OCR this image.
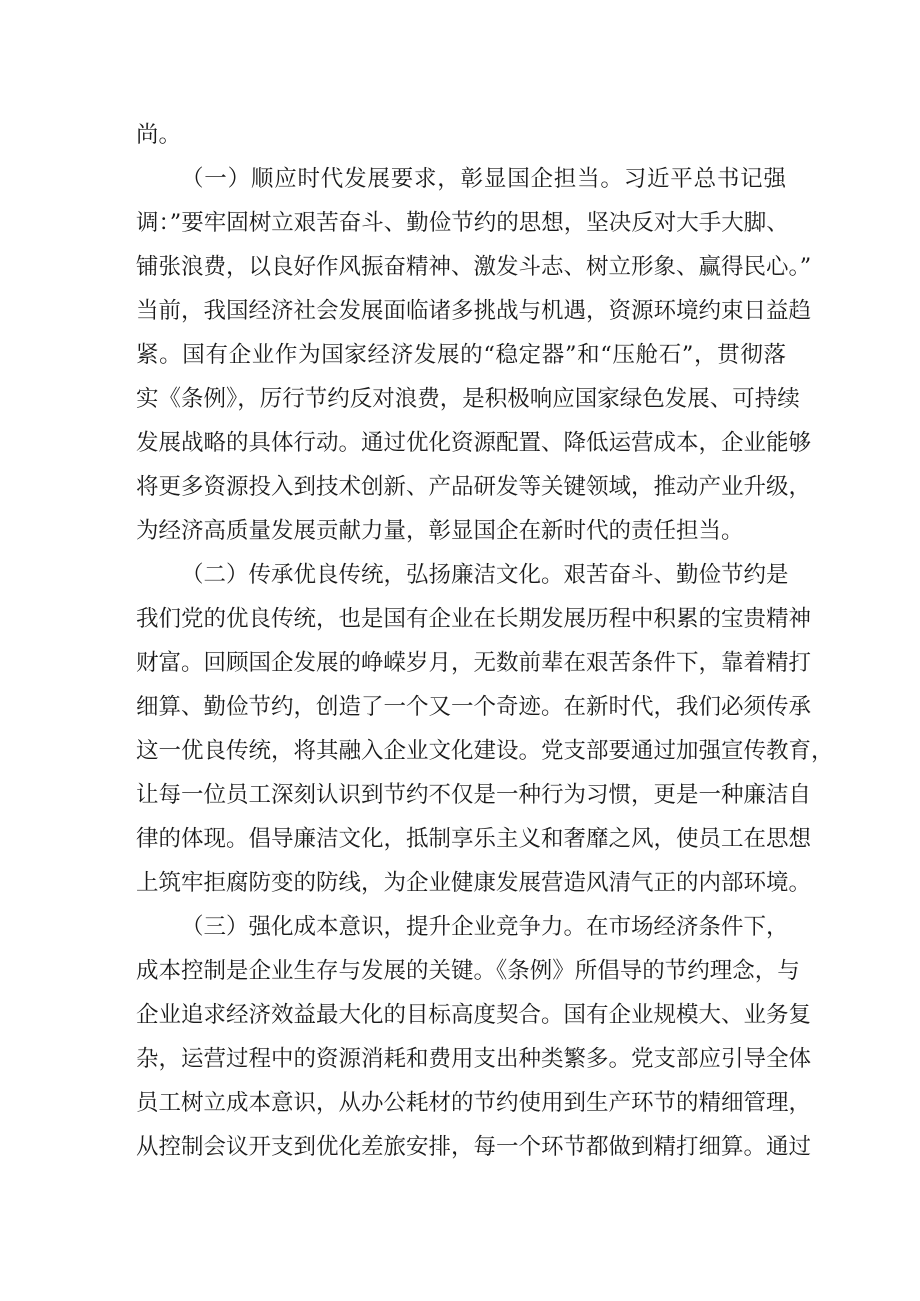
尚。
（一）顺应时代发展要求，彰显国企担当。习近平总书记强
调：”要牢固树立艰苦奋斗、勤俭节约的思想，坚决反对大手大脚、
铺张浪费，以良好作风振奋精神、激发斗志、树立形象、赢得民心。”
当前，我国经济社会发展面临诸多挑战与机遇，资源环境约束日益趋
紧。国有企业作为国家经济发展的“稳定器”和“压舱石”，贯彻落
实《条例》，厉行节约反对浪费，是积极响应国家绿色发展、可持续
发展战略的具体行动。通过优化资源配置、降低运营成本，企业能够
将更多资源投入到技术创新、产品研发等关键领域，推动产业升级，
为经济高质量发展贡献力量，彰显国企在新时代的责任担当。
（二）传承优良传统，弘扬廉洁文化。艰苦奋斗、勤俭节约是
我们党的优良传统，也是国有企业在长期发展历程中积累的宝贵精神
财富。回顾国企发展的峥嵘岁月，无数前辈在艰苦条件下，靠着精打
细算、勤俭节约，创造了一个又一个奇迹。在新时代，我们必须传承
这一优良传统，将其融入企业文化建设。党支部要通过加强宣传教育，
让每一位员工深刻认识到节约不仅是一种行为习惯，更是一种廉洁自
律的体现。倡导廉洁文化，抵制享乐主义和奢靡之风，使员工在思想
上筑牢拒腐防变的防线，为企业健康发展营造风清气正的内部环境。
（三）强化成本意识，提升企业竞争力。在市场经济条件下，
成本控制是企业生存与发展的关键。《条例》所倡导的节约理念，与
企业追求经济效益最大化的目标高度契合。国有企业规模大、业务复
杂，运营过程中的资源消耗和费用支出种类繁多。党支部应引导全体
员工树立成本意识，从办公耗材的节约使用到生产环节的精细管理，
从控制会议开支到优化差旅安排，每一个环节都做到精打细算。通过
